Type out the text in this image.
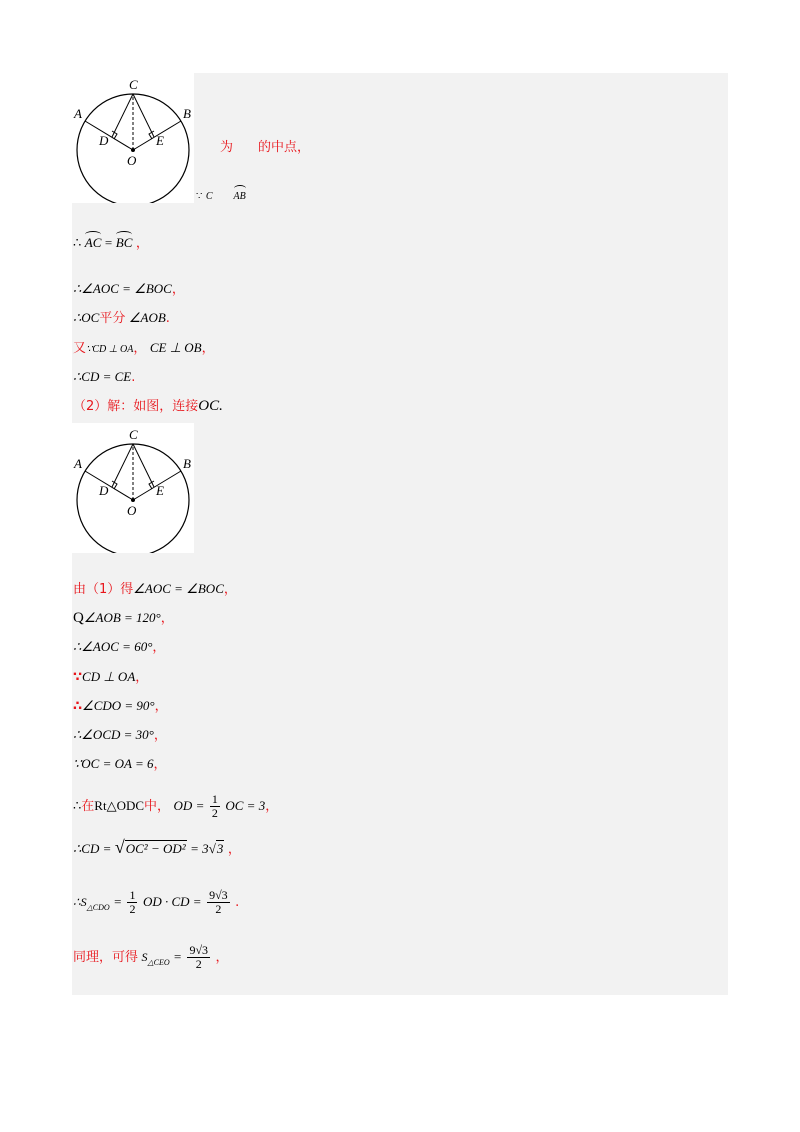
C
A	B
D	E
O
为 的中点，
∵ C AB
∴ AC = BC ，
∴∠AOC = ∠BOC，
∴OC平分 ∠AOB.
又∵CD ⊥ OA， CE ⊥ OB，
∴CD = CE.
（2）解：如图，连接OC.
C
A	B
D	E
O
由（1）得∠AOC = ∠BOC，
Q∠AOB = 120°，
∴∠AOC = 60°，
∵CD ⊥ OA，
∴∠CDO = 90°，
∴∠OCD = 30°，
∵OC = OA = 6，
∴在Rt△ODC中， OD = $\frac{1}{2}$ OC = 3，
∴CD = √OC² − OD² = 3√3 ，
$\therefore S_{\triangle CDO} = \frac{1}{2}$ OD · CD = $\frac{9√3}{2}$ .
同理，可得 $S_{\triangle CEO} = \frac{9√3}{2}$ ，
